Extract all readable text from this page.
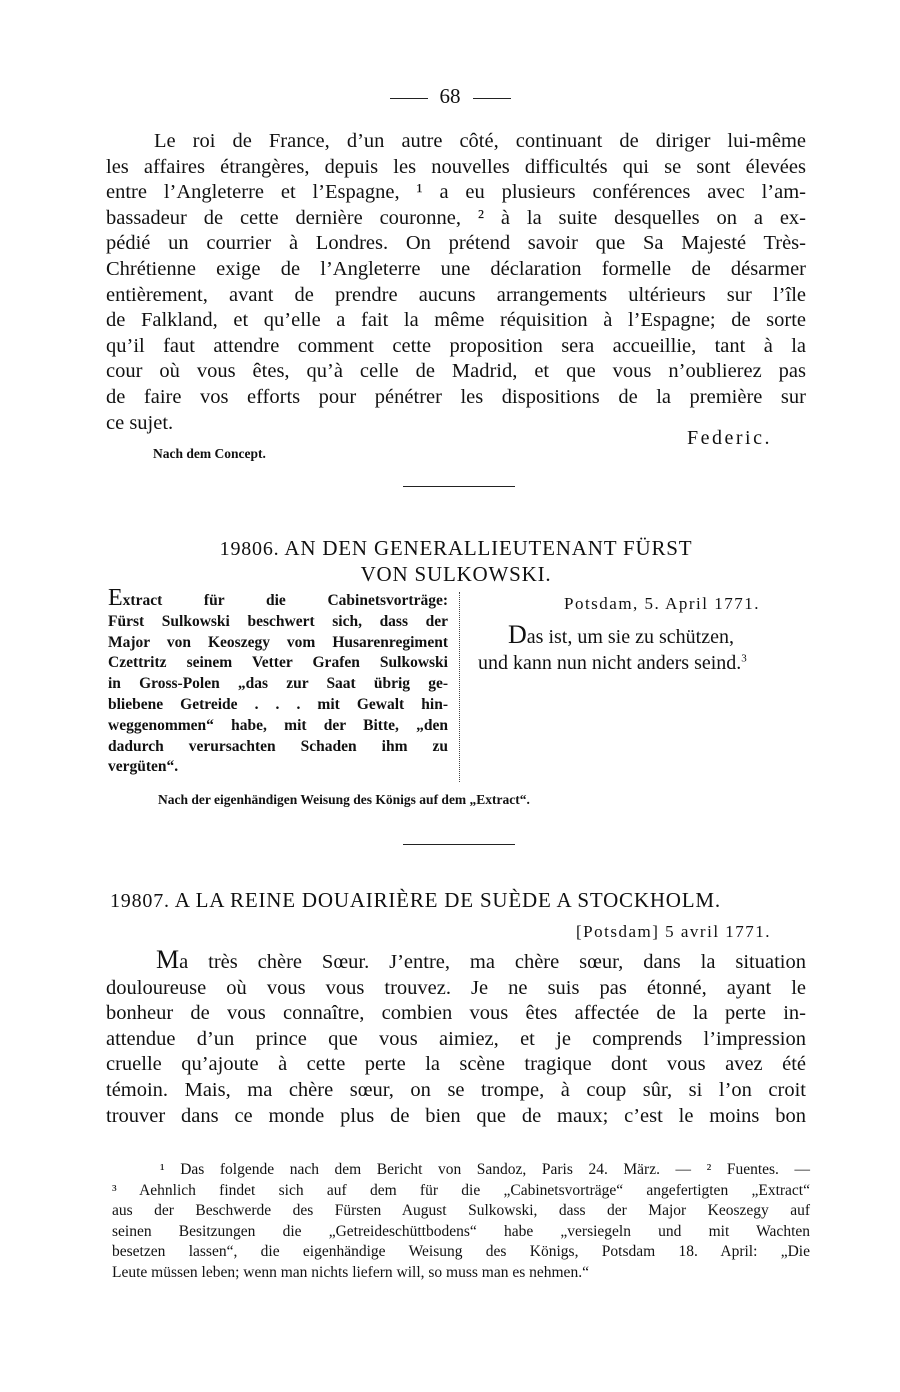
68
Le roi de France, d’un autre côté, continuant de diriger lui-même
les affaires étrangères, depuis les nouvelles difficultés qui se sont élevées
entre l’Angleterre et l’Espagne, ¹ a eu plusieurs conférences avec l’am-
bassadeur de cette dernière couronne, ² à la suite desquelles on a ex-
pédié un courrier à Londres. On prétend savoir que Sa Majesté Très-
Chrétienne exige de l’Angleterre une déclaration formelle de désarmer
entièrement, avant de prendre aucuns arrangements ultérieurs sur l’île
de Falkland, et qu’elle a fait la même réquisition à l’Espagne; de sorte
qu’il faut attendre comment cette proposition sera accueillie, tant à la
cour où vous êtes, qu’à celle de Madrid, et que vous n’oublierez pas
de faire vos efforts pour pénétrer les dispositions de la première sur
ce sujet.
Federic.
Nach dem Concept.
19806. AN DEN GENERALLIEUTENANT FÜRST
VON SULKOWSKI.
Extract für die Cabinetsvorträge:
Fürst Sulkowski beschwert sich, dass der
Major von Keoszegy vom Husarenregiment
Czettritz seinem Vetter Grafen Sulkowski
in Gross-Polen „das zur Saat übrig ge-
bliebene Getreide . . . mit Gewalt hin-
weggenommen“ habe, mit der Bitte, „den
dadurch verursachten Schaden ihm zu
vergüten“.
Potsdam, 5. April 1771.
Das ist, um sie zu schützen,
und kann nun nicht anders seind.$^3$
Nach der eigenhändigen Weisung des Königs auf dem „Extract“.
19807. A LA REINE DOUAIRIÈRE DE SUÈDE A STOCKHOLM.
[Potsdam] 5 avril 1771.
Ma très chère Sœur. J’entre, ma chère sœur, dans la situation
douloureuse où vous vous trouvez. Je ne suis pas étonné, ayant le
bonheur de vous connaître, combien vous êtes affectée de la perte in-
attendue d’un prince que vous aimiez, et je comprends l’impression
cruelle qu’ajoute à cette perte la scène tragique dont vous avez été
témoin. Mais, ma chère sœur, on se trompe, à coup sûr, si l’on croit
trouver dans ce monde plus de bien que de maux; c’est le moins bon
¹ Das folgende nach dem Bericht von Sandoz, Paris 24. März. — ² Fuentes. —
³ Aehnlich findet sich auf dem für die „Cabinetsvorträge“ angefertigten „Extract“
aus der Beschwerde des Fürsten August Sulkowski, dass der Major Keoszegy auf
seinen Besitzungen die „Getreideschüttbodens“ habe „versiegeln und mit Wachten
besetzen lassen“, die eigenhändige Weisung des Königs, Potsdam 18. April: „Die
Leute müssen leben; wenn man nichts liefern will, so muss man es nehmen.“
